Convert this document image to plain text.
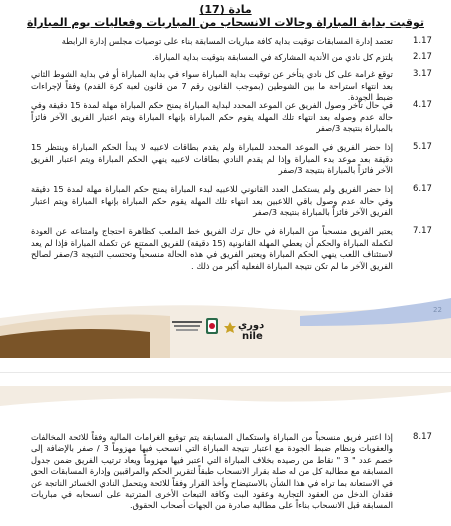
مادة (17)
توقيت بداية المباراة وحالات الانسحاب من المباريات وفعاليات يوم المباراة
1.17
تعتمد إدارة المسابقات توقيت بداية كافة مباريات المسابقة بناء على توصيات مجلس إدارة الرابطة
2.17
يلتزم كل نادي من الأندية المشاركة في المسابقة بتوقيت بداية المباراة.
3.17
توقع غرامة على كل نادي يتأخر عن توقيت بداية المباراة سواء في بداية المباراة أو في بداية الشوط الثاني بعد انتهاء استراحة ما بين الشوطين (بموجب القانون رقم 7 من قانون لعبة كرة القدم) وفقاً لإجراءات ضبط الجودة.
4.17
في حال تأخر وصول الفريق عن الموعد المحدد لبداية المباراة يمنح حكم المباراة مهلة لمدة 15 دقيقة وفي حالة عدم وصوله بعد انتهاء تلك المهلة يقوم حكم المباراة بإنهاء المباراة ويتم اعتبار الفريق الآخر فائزاً بالمباراة بنتيجة 3/صفر
5.17
إذا حضر الفريق في الموعد المحدد للمباراة ولم يقدم بطاقات لاعبيه لا يبدأ الحكم المباراة وينتظر 15 دقيقة بعد موعد بدء المباراة وإذا لم يقدم النادي بطاقات لاعبيه ينهي الحكم المباراة ويتم اعتبار الفريق الآخر فائزاً بالمباراة بنتيجة 3/صفر
6.17
إذا حضر الفريق ولم يستكمل العدد القانوني للاعبيه لبدء المباراة يمنح حكم المباراة مهلة لمدة 15 دقيقة وفي حالة عدم وصول باقي اللاعبين بعد انتهاء تلك المهلة يقوم حكم المباراة بإنهاء المباراة ويتم اعتبار الفريق الآخر فائزاً بالمباراة بنتيجة 3/صفر
7.17
يعتبر الفريق منسحباً من المباراة في حال ترك الفريق خط الملعب كظاهرة احتجاج وامتناعه عن العودة لتكملة المباراة والحكم أن يعطي المهلة القانونية (15 دقيقة) للفريق الممتنع عن تكملة المباراة فإذا لم يعد لاستئناف اللعب ينهي الحكم المباراة ويعتبر الفريق في هذه الحالة منسحباً وتحتسب النتيجة 3/صفر لصالح الفريق الآخر ما لم تكن نتيجة المباراة الفعلية أكبر من ذلك .
22
دوري
nile
8.17
إذا اعتبر فريق منسحباً من المباراة واستكمال المسابقة يتم توقيع الغرامات المالية وفقاً للائحة المخالفات والعقوبات ونظام ضبط الجودة مع اعتبار نتيجة المباراة التي انسحب فيها مهزوماً 3 / صفر بالإضافة إلى خصم عدد " 3 " نقاط من رصيده بخلاف المباراة التي اعتبر فيها مهزوماً ويعاد ترتيب الفريق ضمن جدول المسابقة مع مطالبة كل من له صلة بقرار الانسحاب طبقاً لتقرير الحكم والمراقبين وإدارة المسابقات الحق في الاستعانة بما تراه في هذا الشأن بالاستيضاح وأخذ القرار وفقاً للائحة ويتحمل النادي الخسائر الناتجة عن فقدان الدخل من العقود التجارية وعقود البث وكافة التبعات الأخرى المترتبة على انسحابه في مباريات المسابقة قبل الانسحاب بناءاً على مطالبة صادرة من الجهات أصحاب الحقوق.
